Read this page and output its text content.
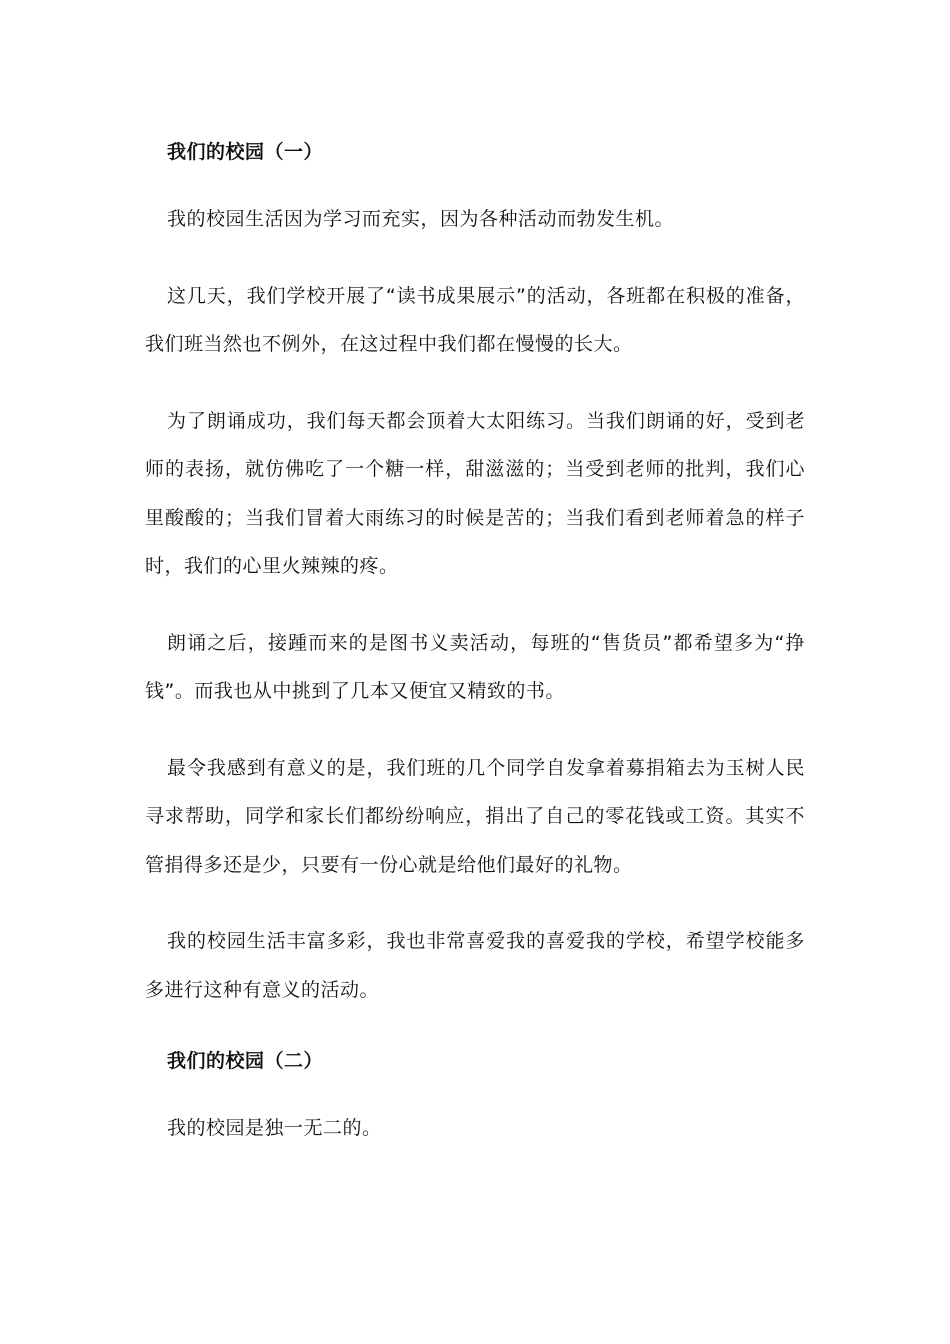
我们的校园（一）

我的校园生活因为学习而充实，因为各种活动而勃发生机。

这几天，我们学校开展了“读书成果展示”的活动，各班都在积极的准备，我们班当然也不例外，在这过程中我们都在慢慢的长大。

为了朗诵成功，我们每天都会顶着大太阳练习。当我们朗诵的好，受到老师的表扬，就仿佛吃了一个糖一样，甜滋滋的；当受到老师的批判，我们心里酸酸的；当我们冒着大雨练习的时候是苦的；当我们看到老师着急的样子时，我们的心里火辣辣的疼。

朗诵之后，接踵而来的是图书义卖活动，每班的“售货员”都希望多为“挣钱”。而我也从中挑到了几本又便宜又精致的书。

最令我感到有意义的是，我们班的几个同学自发拿着募捐箱去为玉树人民寻求帮助，同学和家长们都纷纷响应，捐出了自己的零花钱或工资。其实不管捐得多还是少，只要有一份心就是给他们最好的礼物。

我的校园生活丰富多彩，我也非常喜爱我的喜爱我的学校，希望学校能多多进行这种有意义的活动。

我们的校园（二）

我的校园是独一无二的。
